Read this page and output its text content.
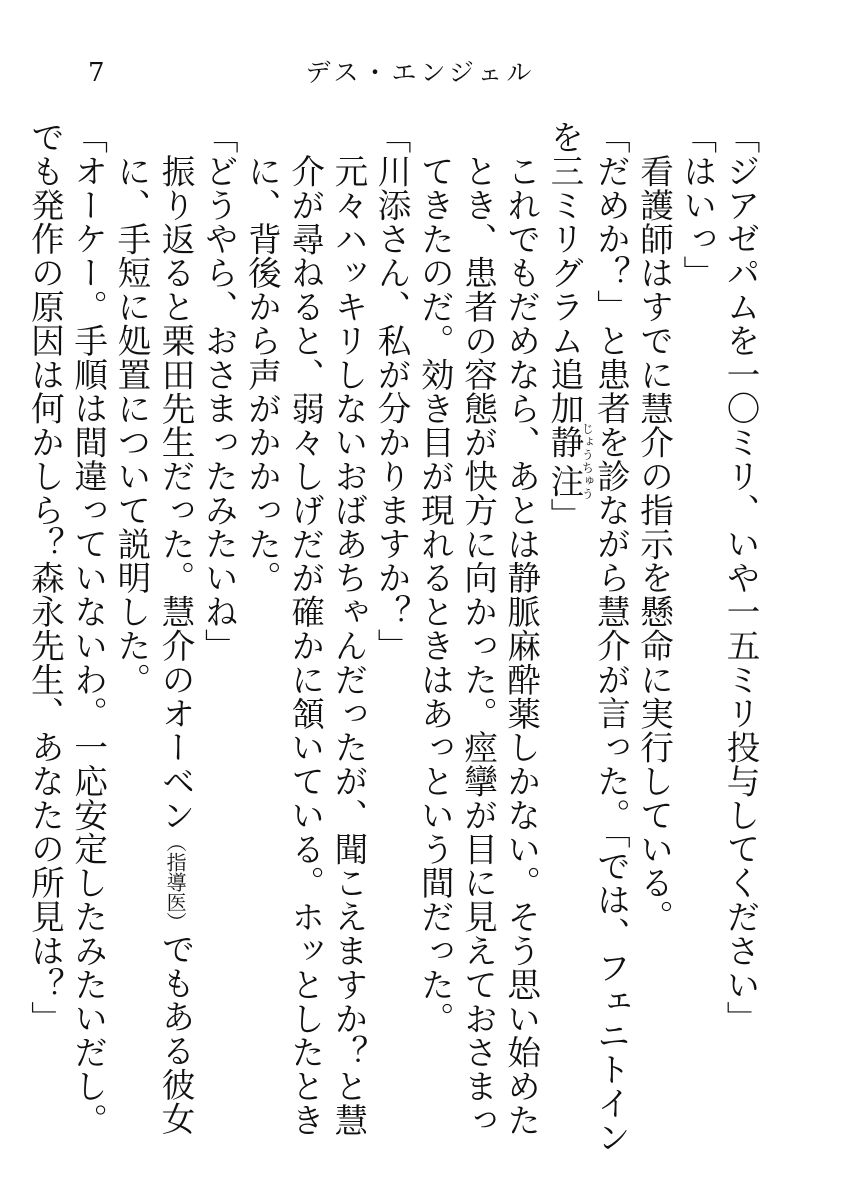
7	デス・エンジェル

「ジアゼパムを一〇ミリ、いや一五ミリ投与してください」

「はいっ」

看護師はすでに慧介の指示を懸命に実行している。

「だめか？」と患者を診ながら慧介が言った。「では、フェニトインを三ミリグラム追加静注じょうちゅう」

これでもだめなら、あとは静脈麻酔薬しかない。そう思い始めたとき、患者の容態が快方に向かった。痙攣が目に見えておさまってきたのだ。効き目が現れるときはあっという間だった。

「川添さん、私が分かりますか？」

元々ハッキリしないおばあちゃんだったが、聞こえますか？と慧介が尋ねると、弱々しげだが確かに頷いている。ホッとしたときに、背後から声がかかった。

「どうやら、おさまったみたいね」

振り返ると栗田先生だった。慧介のオーベン（指導医）でもある彼女に、手短に処置について説明した。

「オーケー。手順は間違っていないわ。一応安定したみたいだし。でも発作の原因は何かしら？森永先生、あなたの所見は？」
